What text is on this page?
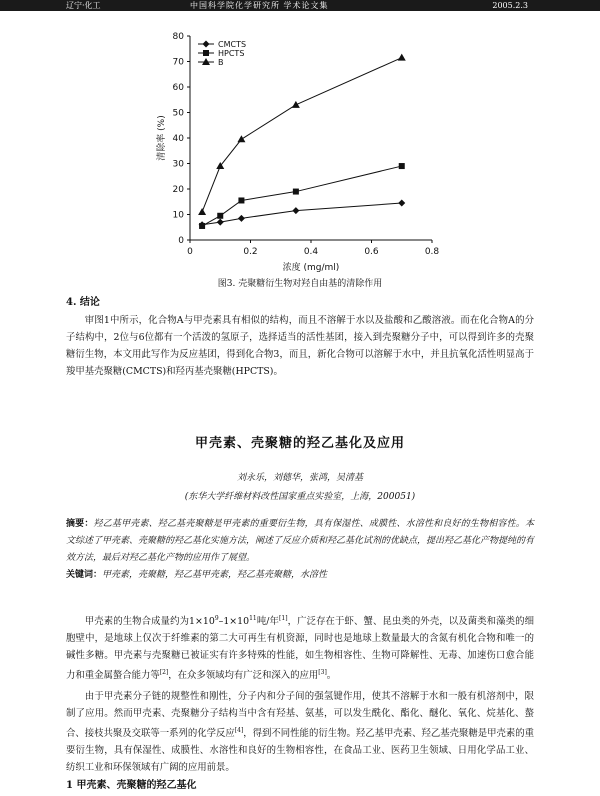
辽宁·化工	中国科学院化学研究所 学术论文集	2005.2.3
0
10
20
30
40
50
60
70
80
0	0.2	0.4	0.6	0.8
浓度 (mg/ml)
清除率 (%)
CMCTS
HPCTS
B
图3. 壳聚糖衍生物对羟自由基的清除作用
4. 结论
审图1中所示，化合物A与甲壳素具有相似的结构，而且不溶解于水以及盐酸和乙酸溶液。而在化合物A的分子结构中，2位与6位都有一个活泼的氢原子，选择适当的活性基团，接入到壳聚糖分子中，可以得到许多的壳聚糖衍生物，本文用此写作为反应基团，得到化合物3，而且，新化合物可以溶解于水中，并且抗氧化活性明显高于羧甲基壳聚糖(CMCTS)和羟丙基壳聚糖(HPCTS)。
甲壳素、壳聚糖的羟乙基化及应用
刘永乐，刘德华，张鸿，吴清基
(东华大学纤维材料改性国家重点实验室，上海，200051)
摘要：羟乙基甲壳素、羟乙基壳聚糖是甲壳素的重要衍生物，具有保湿性、成膜性、水溶性和良好的生物相容性。本文综述了甲壳素、壳聚糖的羟乙基化实施方法，阐述了反应介质和羟乙基化试剂的优缺点，提出羟乙基化产物提纯的有效方法，最后对羟乙基化产物的应用作了展望。
关键词：甲壳素，壳聚糖，羟乙基甲壳素，羟乙基壳聚糖，水溶性
甲壳素的生物合成量约为$1\times 10^9-1\times 10^{11}$吨/年[1]，广泛存在于虾、蟹、昆虫类的外壳，以及菌类和藻类的细胞壁中，是地球上仅次于纤维素的第二大可再生有机资源，同时也是地球上数量最大的含氮有机化合物和唯一的碱性多糖。甲壳素与壳聚糖已被证实有许多特殊的性能，如生物相容性、生物可降解性、无毒、加速伤口愈合能力和重金属螯合能力等[2]，在众多领域均有广泛和深入的应用[3]。
由于甲壳素分子链的规整性和刚性，分子内和分子间的强氢键作用，使其不溶解于水和一般有机溶剂中，限制了应用。然而甲壳素、壳聚糖分子结构当中含有羟基、氨基，可以发生酰化、酯化、醚化、氧化、烷基化、螯合、接枝共聚及交联等一系列的化学反应[4]，得到不同性能的衍生物。羟乙基甲壳素、羟乙基壳聚糖是甲壳素的重要衍生物，具有保湿性、成膜性、水溶性和良好的生物相容性，在食品工业、医药卫生领域、日用化学品工业、纺织工业和环保领域有广阔的应用前景。
1 甲壳素、壳聚糖的羟乙基化
